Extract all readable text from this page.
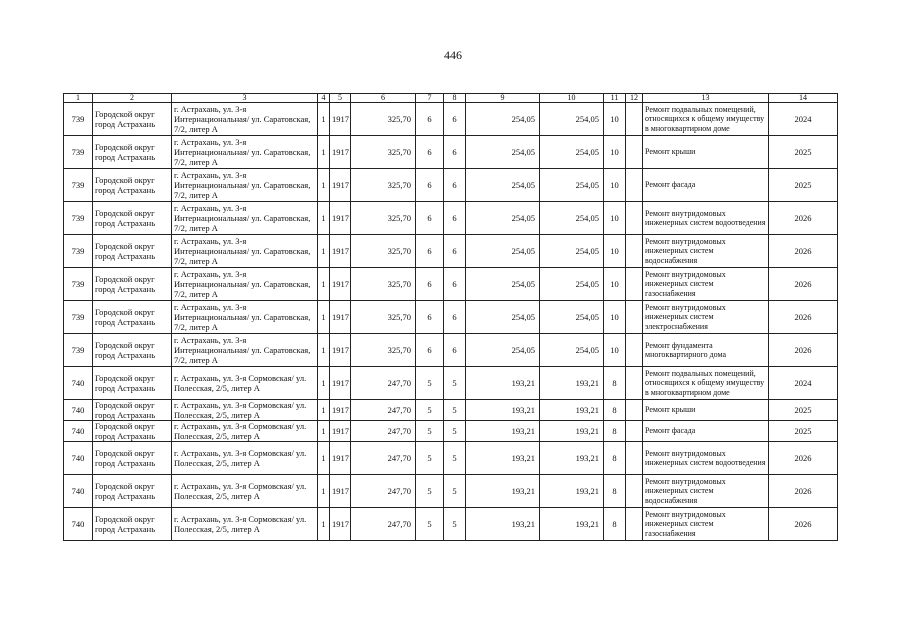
446
1	2	3	4	5	6	7	8	9	10	11	12	13	14
739	Городской округ город Астрахань	г. Астрахань, ул. 3-я Интернациональная/ ул. Саратовская, 7/2, литер А	1	1917	325,70	6	6	254,05	254,05	10		Ремонт подвальных помещений, относящихся к общему имуществу в многоквартирном доме	2024
739	Городской округ город Астрахань	г. Астрахань, ул. 3-я Интернациональная/ ул. Саратовская, 7/2, литер А	1	1917	325,70	6	6	254,05	254,05	10		Ремонт крыши	2025
739	Городской округ город Астрахань	г. Астрахань, ул. 3-я Интернациональная/ ул. Саратовская, 7/2, литер А	1	1917	325,70	6	6	254,05	254,05	10		Ремонт фасада	2025
739	Городской округ город Астрахань	г. Астрахань, ул. 3-я Интернациональная/ ул. Саратовская, 7/2, литер А	1	1917	325,70	6	6	254,05	254,05	10		Ремонт внутридомовых инженерных систем водоотведения	2026
739	Городской округ город Астрахань	г. Астрахань, ул. 3-я Интернациональная/ ул. Саратовская, 7/2, литер А	1	1917	325,70	6	6	254,05	254,05	10		Ремонт внутридомовых инженерных систем водоснабжения	2026
739	Городской округ город Астрахань	г. Астрахань, ул. 3-я Интернациональная/ ул. Саратовская, 7/2, литер А	1	1917	325,70	6	6	254,05	254,05	10		Ремонт внутридомовых инженерных систем газоснабжения	2026
739	Городской округ город Астрахань	г. Астрахань, ул. 3-я Интернациональная/ ул. Саратовская, 7/2, литер А	1	1917	325,70	6	6	254,05	254,05	10		Ремонт внутридомовых инженерных систем электроснабжения	2026
739	Городской округ город Астрахань	г. Астрахань, ул. 3-я Интернациональная/ ул. Саратовская, 7/2, литер А	1	1917	325,70	6	6	254,05	254,05	10		Ремонт фундамента многоквартирного дома	2026
740	Городской округ город Астрахань	г. Астрахань, ул. 3-я Сормовская/ ул. Полесская, 2/5, литер А	1	1917	247,70	5	5	193,21	193,21	8		Ремонт подвальных помещений, относящихся к общему имуществу в многоквартирном доме	2024
740	Городской округ город Астрахань	г. Астрахань, ул. 3-я Сормовская/ ул. Полесская, 2/5, литер А	1	1917	247,70	5	5	193,21	193,21	8		Ремонт крыши	2025
740	Городской округ город Астрахань	г. Астрахань, ул. 3-я Сормовская/ ул. Полесская, 2/5, литер А	1	1917	247,70	5	5	193,21	193,21	8		Ремонт фасада	2025
740	Городской округ город Астрахань	г. Астрахань, ул. 3-я Сормовская/ ул. Полесская, 2/5, литер А	1	1917	247,70	5	5	193,21	193,21	8		Ремонт внутридомовых инженерных систем водоотведения	2026
740	Городской округ город Астрахань	г. Астрахань, ул. 3-я Сормовская/ ул. Полесская, 2/5, литер А	1	1917	247,70	5	5	193,21	193,21	8		Ремонт внутридомовых инженерных систем водоснабжения	2026
740	Городской округ город Астрахань	г. Астрахань, ул. 3-я Сормовская/ ул. Полесская, 2/5, литер А	1	1917	247,70	5	5	193,21	193,21	8		Ремонт внутридомовых инженерных систем газоснабжения	2026
